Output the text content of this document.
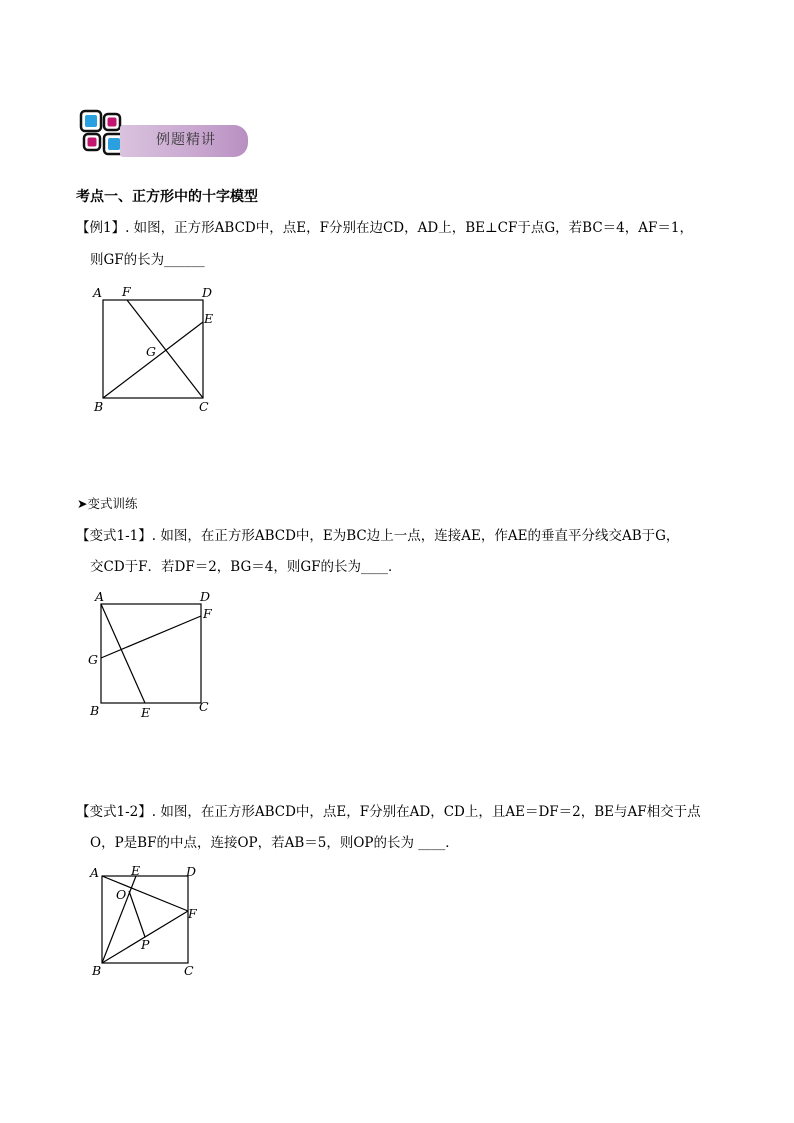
例题精讲
考点一、正方形中的十字模型
【例1】. 如图，正方形ABCD中，点E，F分别在边CD，AD上，BE⊥CF于点G，若BC＝4，AF＝1，
则GF的长为______
A F	D
E
G
B	C
➤变式训练
【变式1-1】. 如图，在正方形ABCD中，E为BC边上一点，连接AE，作AE的垂直平分线交AB于G，
交CD于F．若DF＝2，BG＝4，则GF的长为____．
A	D
F
G
B	E	C
【变式1-2】. 如图，在正方形ABCD中，点E，F分别在AD，CD上，且AE＝DF＝2，BE与AF相交于点
O，P是BF的中点，连接OP，若AB＝5，则OP的长为 ____．
A	E	D
O
F
P
B	C
